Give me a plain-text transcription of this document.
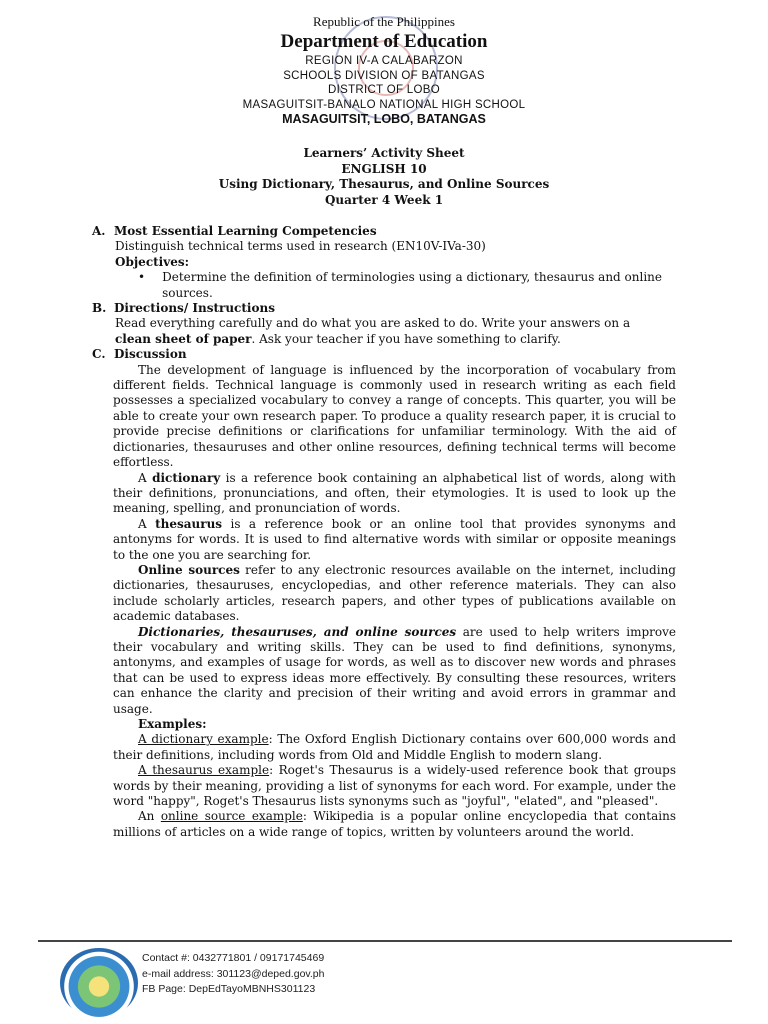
Republic of the Philippines
Department of Education
REGION IV-A CALABARZON
SCHOOLS DIVISION OF BATANGAS
DISTRICT OF LOBO
MASAGUITSIT-BANALO NATIONAL HIGH SCHOOL
MASAGUITSIT, LOBO, BATANGAS
Learners’ Activity Sheet
ENGLISH 10
Using Dictionary, Thesaurus, and Online Sources
Quarter 4 Week 1
A. Most Essential Learning Competencies
Distinguish technical terms used in research (EN10V-IVa-30)
Objectives:
•	Determine the definition of terminologies using a dictionary, thesaurus and online sources.
B. Directions/ Instructions
Read everything carefully and do what you are asked to do. Write your answers on a clean sheet of paper. Ask your teacher if you have something to clarify.
C. Discussion
The development of language is influenced by the incorporation of vocabulary from different fields. Technical language is commonly used in research writing as each field possesses a specialized vocabulary to convey a range of concepts. This quarter, you will be able to create your own research paper. To produce a quality research paper, it is crucial to provide precise definitions or clarifications for unfamiliar terminology. With the aid of dictionaries, thesauruses and other online resources, defining technical terms will become effortless.
A dictionary is a reference book containing an alphabetical list of words, along with their definitions, pronunciations, and often, their etymologies. It is used to look up the meaning, spelling, and pronunciation of words.
A thesaurus is a reference book or an online tool that provides synonyms and antonyms for words. It is used to find alternative words with similar or opposite meanings to the one you are searching for.
Online sources refer to any electronic resources available on the internet, including dictionaries, thesauruses, encyclopedias, and other reference materials. They can also include scholarly articles, research papers, and other types of publications available on academic databases.
Dictionaries, thesauruses, and online sources are used to help writers improve their vocabulary and writing skills. They can be used to find definitions, synonyms, antonyms, and examples of usage for words, as well as to discover new words and phrases that can be used to express ideas more effectively. By consulting these resources, writers can enhance the clarity and precision of their writing and avoid errors in grammar and usage.
Examples:
A dictionary example: The Oxford English Dictionary contains over 600,000 words and their definitions, including words from Old and Middle English to modern slang.
A thesaurus example: Roget's Thesaurus is a widely-used reference book that groups words by their meaning, providing a list of synonyms for each word. For example, under the word "happy", Roget's Thesaurus lists synonyms such as "joyful", "elated", and "pleased".
An online source example: Wikipedia is a popular online encyclopedia that contains millions of articles on a wide range of topics, written by volunteers around the world.
Contact #: 0432771801 / 09171745469
e-mail address: 301123@deped.gov.ph
FB Page: DepEdTayoMBNHS301123
